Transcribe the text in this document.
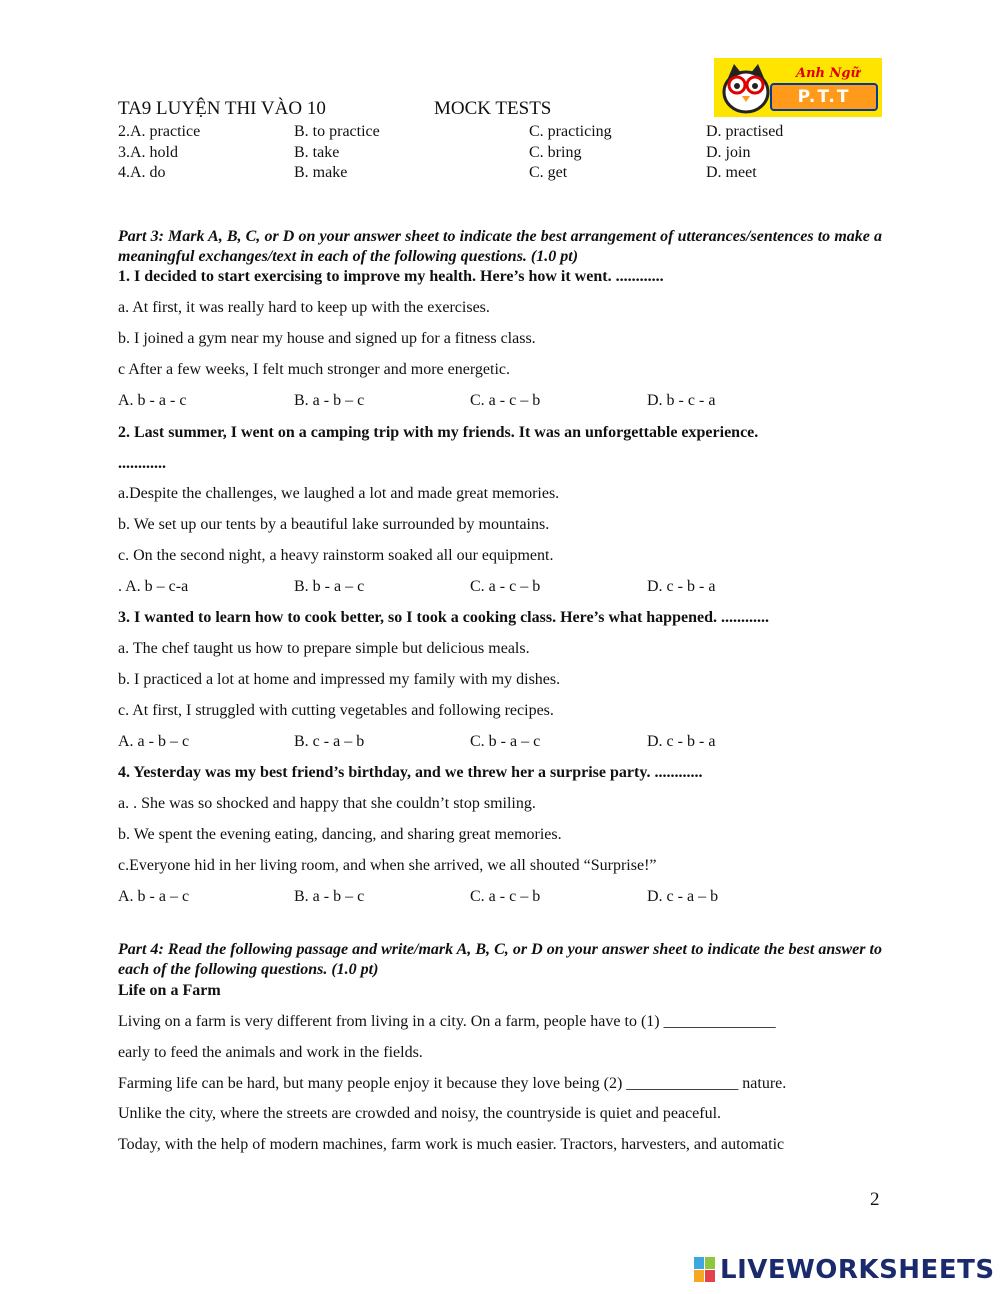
TA9 LUYỆN THI VÀO 10	MOCK TESTS
Anh Ngữ
P.T.T
2.A. practice	B. to practice	C. practicing	D. practised
3.A. hold	B. take	C. bring	D. join
4.A. do	B. make	C. get	D. meet
Part 3: Mark A, B, C, or D on your answer sheet to indicate the best arrangement of utterances/sentences to make a meaningful exchanges/text in each of the following questions. (1.0 pt)
1. I decided to start exercising to improve my health. Here’s how it went. ............
a. At first, it was really hard to keep up with the exercises.
b. I joined a gym near my house and signed up for a fitness class.
c After a few weeks, I felt much stronger and more energetic.
A. b - a - c	B. a - b – c	C. a - c – b	D. b - c - a
2. Last summer, I went on a camping trip with my friends. It was an unforgettable experience.
............
a.Despite the challenges, we laughed a lot and made great memories.
b. We set up our tents by a beautiful lake surrounded by mountains.
c. On the second night, a heavy rainstorm soaked all our equipment.
. A. b – c-a	B. b - a – c	C. a - c – b	D. c - b - a
3. I wanted to learn how to cook better, so I took a cooking class. Here’s what happened. ............
a. The chef taught us how to prepare simple but delicious meals.
b. I practiced a lot at home and impressed my family with my dishes.
c. At first, I struggled with cutting vegetables and following recipes.
A. a - b – c	B. c - a – b	C. b - a – c	D. c - b - a
4. Yesterday was my best friend’s birthday, and we threw her a surprise party. ............
a. . She was so shocked and happy that she couldn’t stop smiling.
b. We spent the evening eating, dancing, and sharing great memories.
c.Everyone hid in her living room, and when she arrived, we all shouted “Surprise!”
A. b - a – c	B. a - b – c	C. a - c – b	D. c - a – b
Part 4: Read the following passage and write/mark A, B, C, or D on your answer sheet to indicate the best answer to each of the following questions. (1.0 pt)
Life on a Farm
Living on a farm is very different from living in a city. On a farm, people have to (1) ______________
early to feed the animals and work in the fields.
Farming life can be hard, but many people enjoy it because they love being (2) ______________ nature.
Unlike the city, where the streets are crowded and noisy, the countryside is quiet and peaceful.
Today, with the help of modern machines, farm work is much easier. Tractors, harvesters, and automatic
2
LIVEWORKSHEETS
